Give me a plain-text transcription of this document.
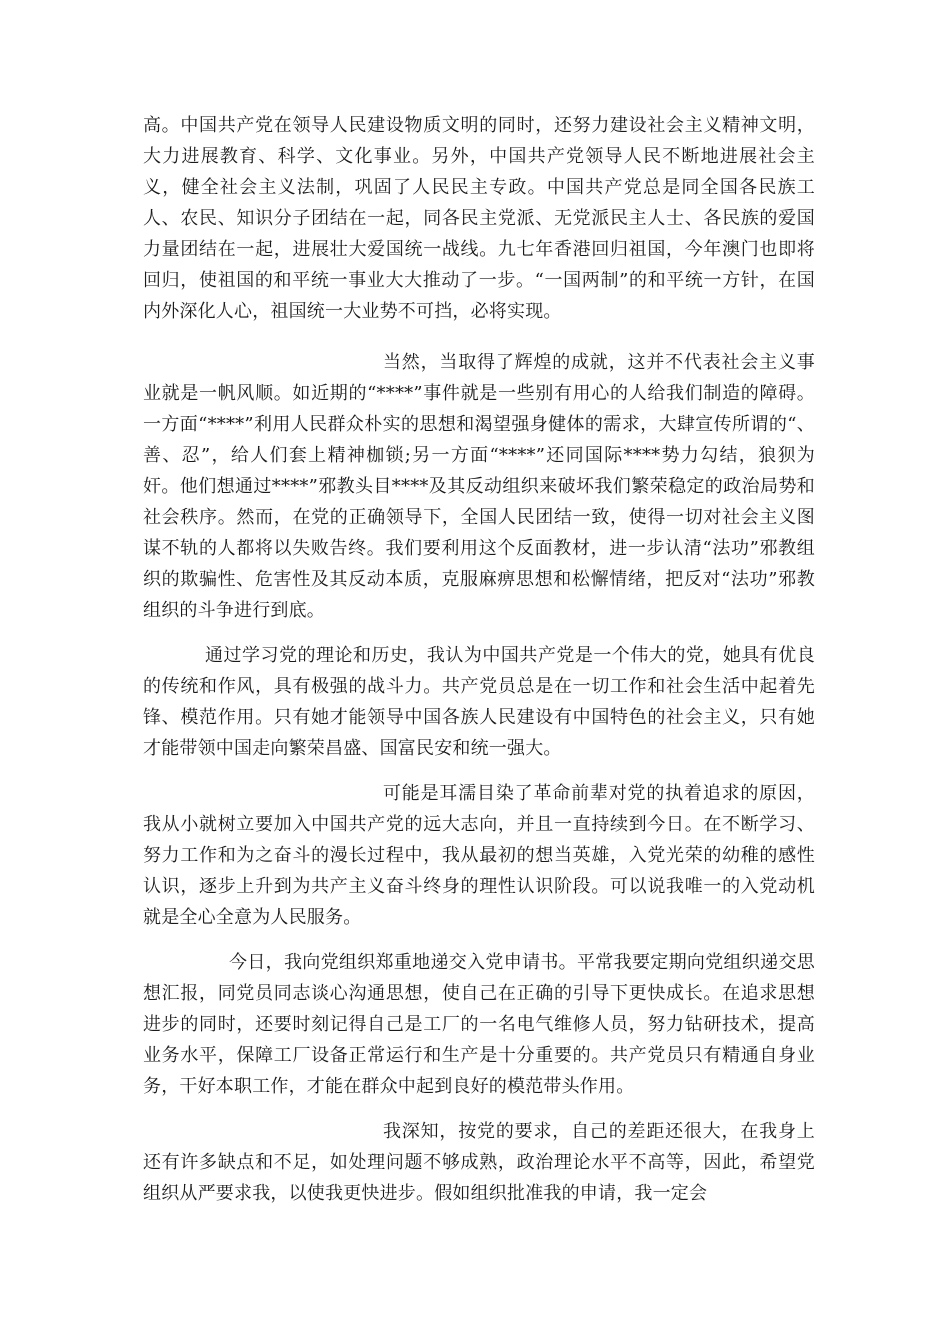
高。中国共产党在领导人民建设物质文明的同时，还努力建设社会主义精神文明，大力进展教育、科学、文化事业。另外，中国共产党领导人民不断地进展社会主义，健全社会主义法制，巩固了人民民主专政。中国共产党总是同全国各民族工人、农民、知识分子团结在一起，同各民主党派、无党派民主人士、各民族的爱国力量团结在一起，进展壮大爱国统一战线。九七年香港回归祖国，今年澳门也即将回归，使祖国的和平统一事业大大推动了一步。“一国两制”的和平统一方针，在国内外深化人心，祖国统一大业势不可挡，必将实现。

当然，当取得了辉煌的成就，这并不代表社会主义事业就是一帆风顺。如近期的“****”事件就是一些别有用心的人给我们制造的障碍。一方面“****”利用人民群众朴实的思想和渴望强身健体的需求，大肆宣传所谓的“、善、忍”，给人们套上精神枷锁;另一方面“****”还同国际****势力勾结，狼狈为奸。他们想通过****”邪教头目****及其反动组织来破坏我们繁荣稳定的政治局势和社会秩序。然而，在党的正确领导下，全国人民团结一致，使得一切对社会主义图谋不轨的人都将以失败告终。我们要利用这个反面教材，进一步认清“法功”邪教组织的欺骗性、危害性及其反动本质，克服麻痹思想和松懈情绪，把反对“法功”邪教组织的斗争进行到底。

通过学习党的理论和历史，我认为中国共产党是一个伟大的党，她具有优良的传统和作风，具有极强的战斗力。共产党员总是在一切工作和社会生活中起着先锋、模范作用。只有她才能领导中国各族人民建设有中国特色的社会主义，只有她才能带领中国走向繁荣昌盛、国富民安和统一强大。

可能是耳濡目染了革命前辈对党的执着追求的原因，我从小就树立要加入中国共产党的远大志向，并且一直持续到今日。在不断学习、努力工作和为之奋斗的漫长过程中，我从最初的想当英雄，入党光荣的幼稚的感性认识，逐步上升到为共产主义奋斗终身的理性认识阶段。可以说我唯一的入党动机就是全心全意为人民服务。

今日，我向党组织郑重地递交入党申请书。平常我要定期向党组织递交思想汇报，同党员同志谈心沟通思想，使自己在正确的引导下更快成长。在追求思想进步的同时，还要时刻记得自己是工厂的一名电气维修人员，努力钻研技术，提高业务水平，保障工厂设备正常运行和生产是十分重要的。共产党员只有精通自身业务，干好本职工作，才能在群众中起到良好的模范带头作用。

我深知，按党的要求，自己的差距还很大，在我身上还有许多缺点和不足，如处理问题不够成熟，政治理论水平不高等，因此，希望党组织从严要求我，以使我更快进步。假如组织批准我的申请，我一定会
